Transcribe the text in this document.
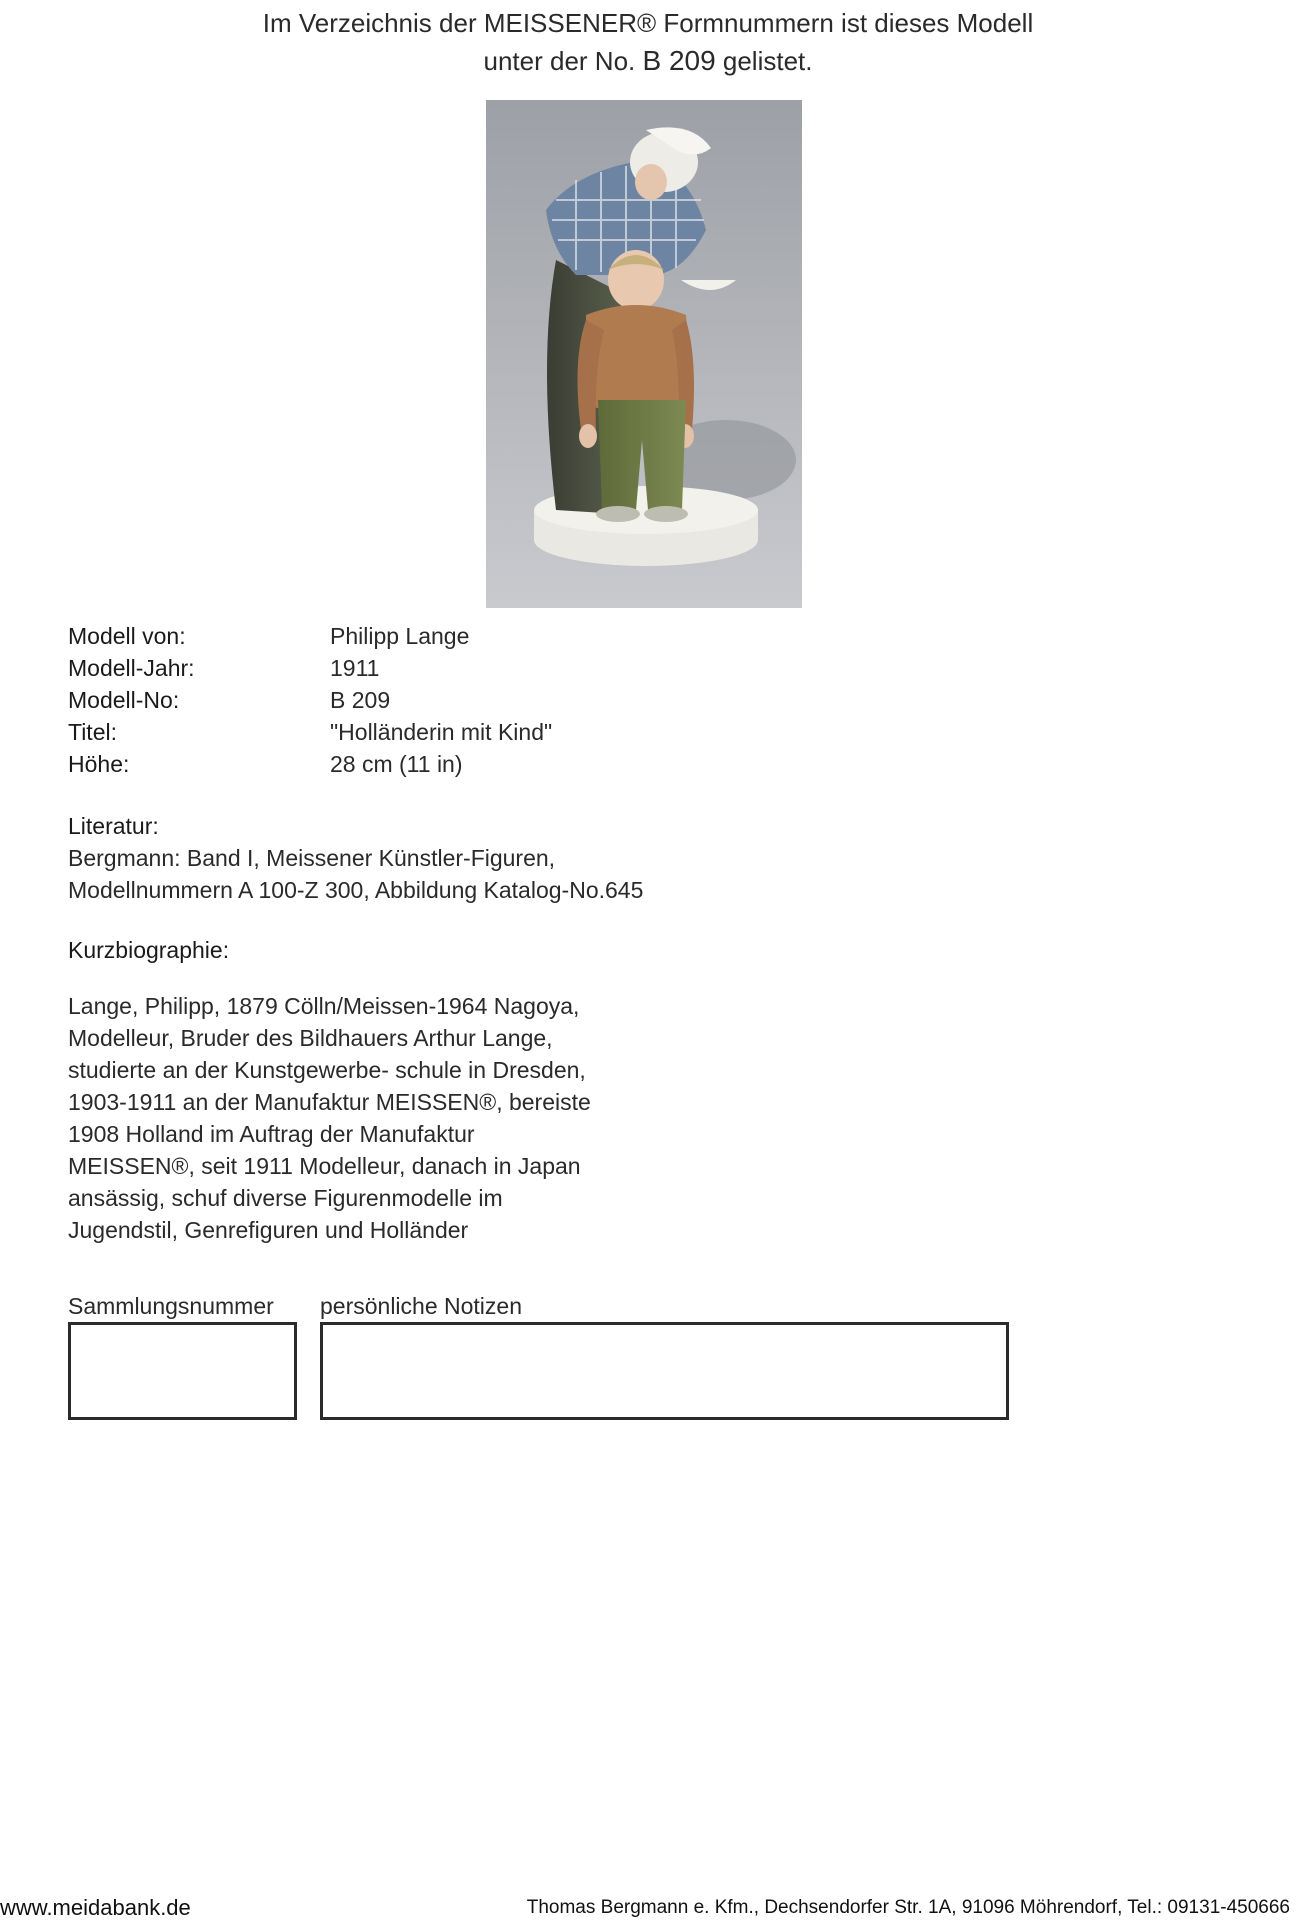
Im Verzeichnis der MEISSENER® Formnummern ist dieses Modell
unter der No. B 209 gelistet.
Modell von:	Philipp Lange
Modell-Jahr:	1911
Modell-No:	B 209
Titel:	"Holländerin mit Kind"
Höhe:	28 cm (11 in)
Literatur:
Bergmann: Band I, Meissener Künstler-Figuren,
Modellnummern A 100-Z 300, Abbildung Katalog-No.645
Kurzbiographie:

Lange, Philipp, 1879 Cölln/Meissen-1964 Nagoya,

Modelleur, Bruder des Bildhauers Arthur Lange,

studierte an der Kunstgewerbe- schule in Dresden,

1903-1911 an der Manufaktur MEISSEN®, bereiste

1908 Holland im Auftrag der Manufaktur

MEISSEN®, seit 1911 Modelleur, danach in Japan

ansässig, schuf diverse Figurenmodelle im

Jugendstil, Genrefiguren und Holländer

Sammlungsnummer persönliche Notizen
www.meidabank.de	Thomas Bergmann e. Kfm., Dechsendorfer Str. 1A, 91096 Möhrendorf, Tel.: 09131-450666
